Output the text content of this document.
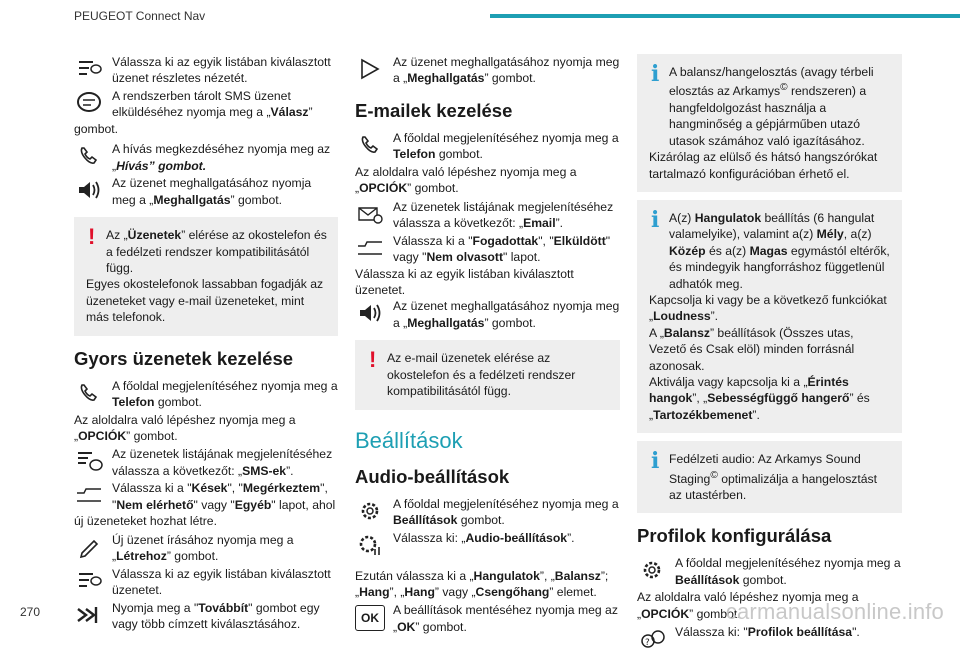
PEUGEOT Connect Nav

Válassza ki az egyik listában kiválasztott üzenet részletes nézetét.

A rendszerben tárolt SMS üzenet elküldéséhez nyomja meg a „Válasz”

gombot.

A hívás megkezdéséhez nyomja meg az „Hívás” gombot.

Az üzenet meghallgatásához nyomja meg a „Meghallgatás” gombot.

! Az „Üzenetek” elérése az okostelefon és a fedélzeti rendszer kompatibilitásától függ.

Egyes okostelefonok lassabban fogadják az üzeneteket vagy e-mail üzeneteket, mint más telefonok.

Gyors üzenetek kezelése

A főoldal megjelenítéséhez nyomja meg a Telefon gombot.

Az aloldalra való lépéshez nyomja meg a „OPCIÓK” gombot.

Az üzenetek listájának megjelenítéséhez válassza a következőt: „SMS-ek”.

Válassza ki a "Kések", "Megérkeztem", "Nem elérhető" vagy "Egyéb" lapot, ahol

új üzeneteket hozhat létre.

Új üzenet írásához nyomja meg a „Létrehoz” gombot.

Válassza ki az egyik listában kiválasztott üzenetet.

Nyomja meg a "Továbbít" gombot egy vagy több címzett kiválasztásához.

Az üzenet meghallgatásához nyomja meg a „Meghallgatás” gombot.

E-mailek kezelése

A főoldal megjelenítéséhez nyomja meg a Telefon gombot.

Az aloldalra való lépéshez nyomja meg a „OPCIÓK” gombot.

Az üzenetek listájának megjelenítéséhez válassza a következőt: „Email”.

Válassza ki a "Fogadottak", "Elküldött" vagy "Nem olvasott" lapot.

Válassza ki az egyik listában kiválasztott üzenetet.

Az üzenet meghallgatásához nyomja meg a „Meghallgatás” gombot.

! Az e-mail üzenetek elérése az okostelefon és a fedélzeti rendszer kompatibilitásától függ.

Beállítások
Audio-beállítások

A főoldal megjelenítéséhez nyomja meg a Beállítások gombot.

Válassza ki: „Audio-beállítások”.

Ezután válassza ki a „Hangulatok”, „Balansz”; „Hang”, „Hang” vagy „Csengőhang” elemet.

OK

A beállítások mentéséhez nyomja meg az „OK” gombot.

i A balansz/hangelosztás (avagy térbeli elosztás az Arkamys© rendszeren) a hangfeldolgozást használja a hangminőség a gépjárműben utazó utasok számához való igazításához.

Kizárólag az elülső és hátsó hangszórókat tartalmazó konfigurációban érhető el.

i A(z) Hangulatok beállítás (6 hangulat valamelyike), valamint a(z) Mély, a(z) Közép és a(z) Magas egymástól eltérők, és mindegyik hangforráshoz függetlenül adhatók meg.

Kapcsolja ki vagy be a következő funkciókat „Loudness”.

A „Balansz” beállítások (Összes utas, Vezető és Csak elöl) minden forrásnál azonosak.

Aktiválja vagy kapcsolja ki a „Érintés hangok”, „Sebességfüggő hangerő” és „Tartozékbemenet”.

i Fedélzeti audio: Az Arkamys Sound Staging© optimalizálja a hangelosztást az utastérben.

Profilok konfigurálása

A főoldal megjelenítéséhez nyomja meg a Beállítások gombot.

Az aloldalra való lépéshez nyomja meg a „OPCIÓK” gombot.

?

Válassza ki: "Profilok beállítása".

270	carmanualsonline.info
